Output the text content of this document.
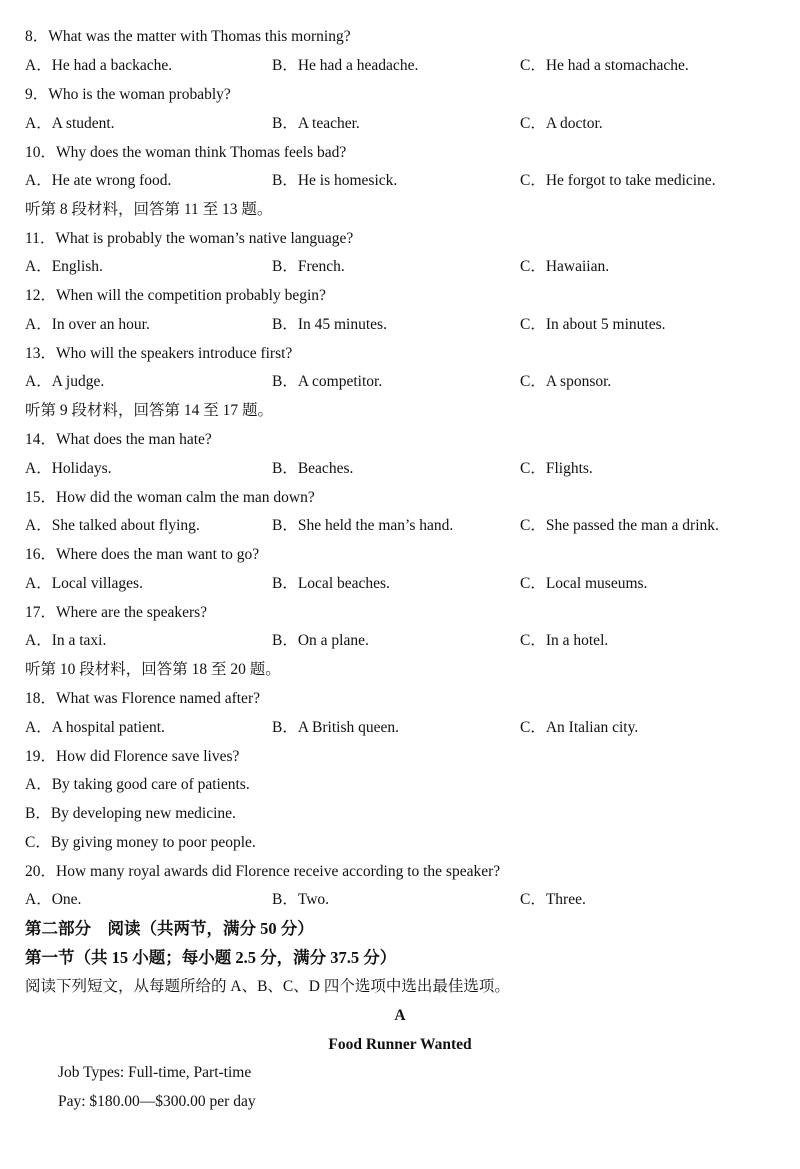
8．What was the matter with Thomas this morning?
A．He had a backache.	B．He had a headache.	C．He had a stomachache.
9．Who is the woman probably?
A．A student.	B．A teacher.	C．A doctor.
10．Why does the woman think Thomas feels bad?
A．He ate wrong food.	B．He is homesick.	C．He forgot to take medicine.
听第 8 段材料，回答第 11 至 13 题。
11．What is probably the woman’s native language?
A．English.	B．French.	C．Hawaiian.
12．When will the competition probably begin?
A．In over an hour.	B．In 45 minutes.	C．In about 5 minutes.
13．Who will the speakers introduce first?
A．A judge.	B．A competitor.	C．A sponsor.
听第 9 段材料，回答第 14 至 17 题。
14．What does the man hate?
A．Holidays.	B．Beaches.	C．Flights.
15．How did the woman calm the man down?
A．She talked about flying.	B．She held the man’s hand.	C．She passed the man a drink.
16．Where does the man want to go?
A．Local villages.	B．Local beaches.	C．Local museums.
17．Where are the speakers?
A．In a taxi.	B．On a plane.	C．In a hotel.
听第 10 段材料，回答第 18 至 20 题。
18．What was Florence named after?
A．A hospital patient.	B．A British queen.	C．An Italian city.
19．How did Florence save lives?
A．By taking good care of patients.
B．By developing new medicine.
C．By giving money to poor people.
20．How many royal awards did Florence receive according to the speaker?
A．One.	B．Two.	C．Three.
第二部分　阅读（共两节，满分 50 分）
第一节（共 15 小题；每小题 2.5 分，满分 37.5 分）
阅读下列短文，从每题所给的 A、B、C、D 四个选项中选出最佳选项。
A
Food Runner Wanted
Job Types: Full-time, Part-time
Pay: $180.00—$300.00 per day
